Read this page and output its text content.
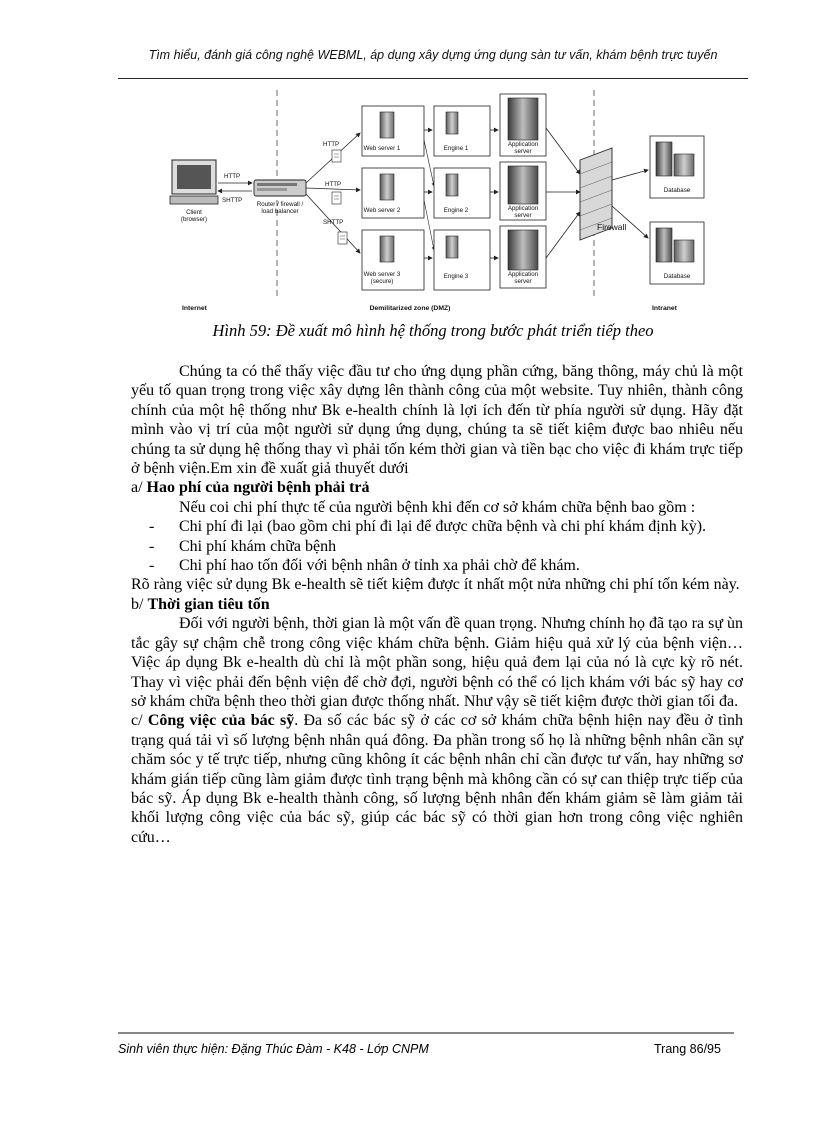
Tìm hiểu, đánh giá công nghệ WEBML, áp dụng xây dựng ứng dụng sàn tư vấn, khám bệnh trực tuyến
Client
(browser)
HTTP
SHTTP
Router / firewall /
load balancer
HTTP
HTTP
SHTTP
Web server 1
Web server 2
Web server 3
(secure)
Engine 1
Engine 2
Engine 3
Application
server
Application
server
Application
server
Firewall
Database
Database
Internet	Demilitarized zone (DMZ)	Intranet
Hình 59: Đề xuất mô hình hệ thống trong bước phát triển tiếp theo

Chúng ta có thể thấy việc đầu tư cho ứng dụng phần cứng, băng thông, máy chủ là một yếu tố quan trọng trong việc xây dựng lên thành công của một website. Tuy nhiên, thành công chính của một hệ thống như Bk e-health chính là lợi ích đến từ phía người sử dụng. Hãy đặt mình vào vị trí của một người sử dụng ứng dụng, chúng ta sẽ tiết kiệm được bao nhiêu nếu chúng ta sử dụng hệ thống thay vì phải tốn kém thời gian và tiền bạc cho việc đi khám trực tiếp ở bệnh viện.Em xin đề xuất giả thuyết dưới

a/ Hao phí của người bệnh phải trả

Nếu coi chi phí thực tế của người bệnh khi đến cơ sở khám chữa bệnh bao gồm :

- Chi phí đi lại (bao gồm chi phí đi lại để được chữa bệnh và chi phí khám định kỳ).
- Chi phí khám chữa bệnh
- Chi phí hao tốn đối với bệnh nhân ở tỉnh xa phải chờ để khám.

Rõ ràng việc sử dụng Bk e-health sẽ tiết kiệm được ít nhất một nửa những chi phí tốn kém này.

b/ Thời gian tiêu tốn

Đối với người bệnh, thời gian là một vấn đề quan trọng. Nhưng chính họ đã tạo ra sự ùn tắc gây sự chậm chễ trong công việc khám chữa bệnh. Giảm hiệu quả xử lý của bệnh viện… Việc áp dụng Bk e-health dù chỉ là một phần song, hiệu quả đem lại của nó là cực kỳ rõ nét. Thay vì việc phải đến bệnh viện để chờ đợi, người bệnh có thể có lịch khám với bác sỹ hay cơ sở khám chữa bệnh theo thời gian được thống nhất. Như vậy sẽ tiết kiệm được thời gian tối đa.

c/ Công việc của bác sỹ. Đa số các bác sỹ ở các cơ sở khám chữa bệnh hiện nay đều ở tình trạng quá tải vì số lượng bệnh nhân quá đông. Đa phần trong số họ là những bệnh nhân cần sự chăm sóc y tế trực tiếp, nhưng cũng không ít các bệnh nhân chỉ cần được tư vấn, hay những sơ khám gián tiếp cũng làm giảm được tình trạng bệnh mà không cần có sự can thiệp trực tiếp của bác sỹ. Áp dụng Bk e-health thành công, số lượng bệnh nhân đến khám giảm sẽ làm giảm tải khối lượng công việc của bác sỹ, giúp các bác sỹ có thời gian hơn trong công việc nghiên cứu…

Sinh viên thực hiện: Đặng Thúc Đàm - K48 - Lớp CNPM	Trang 86/95
